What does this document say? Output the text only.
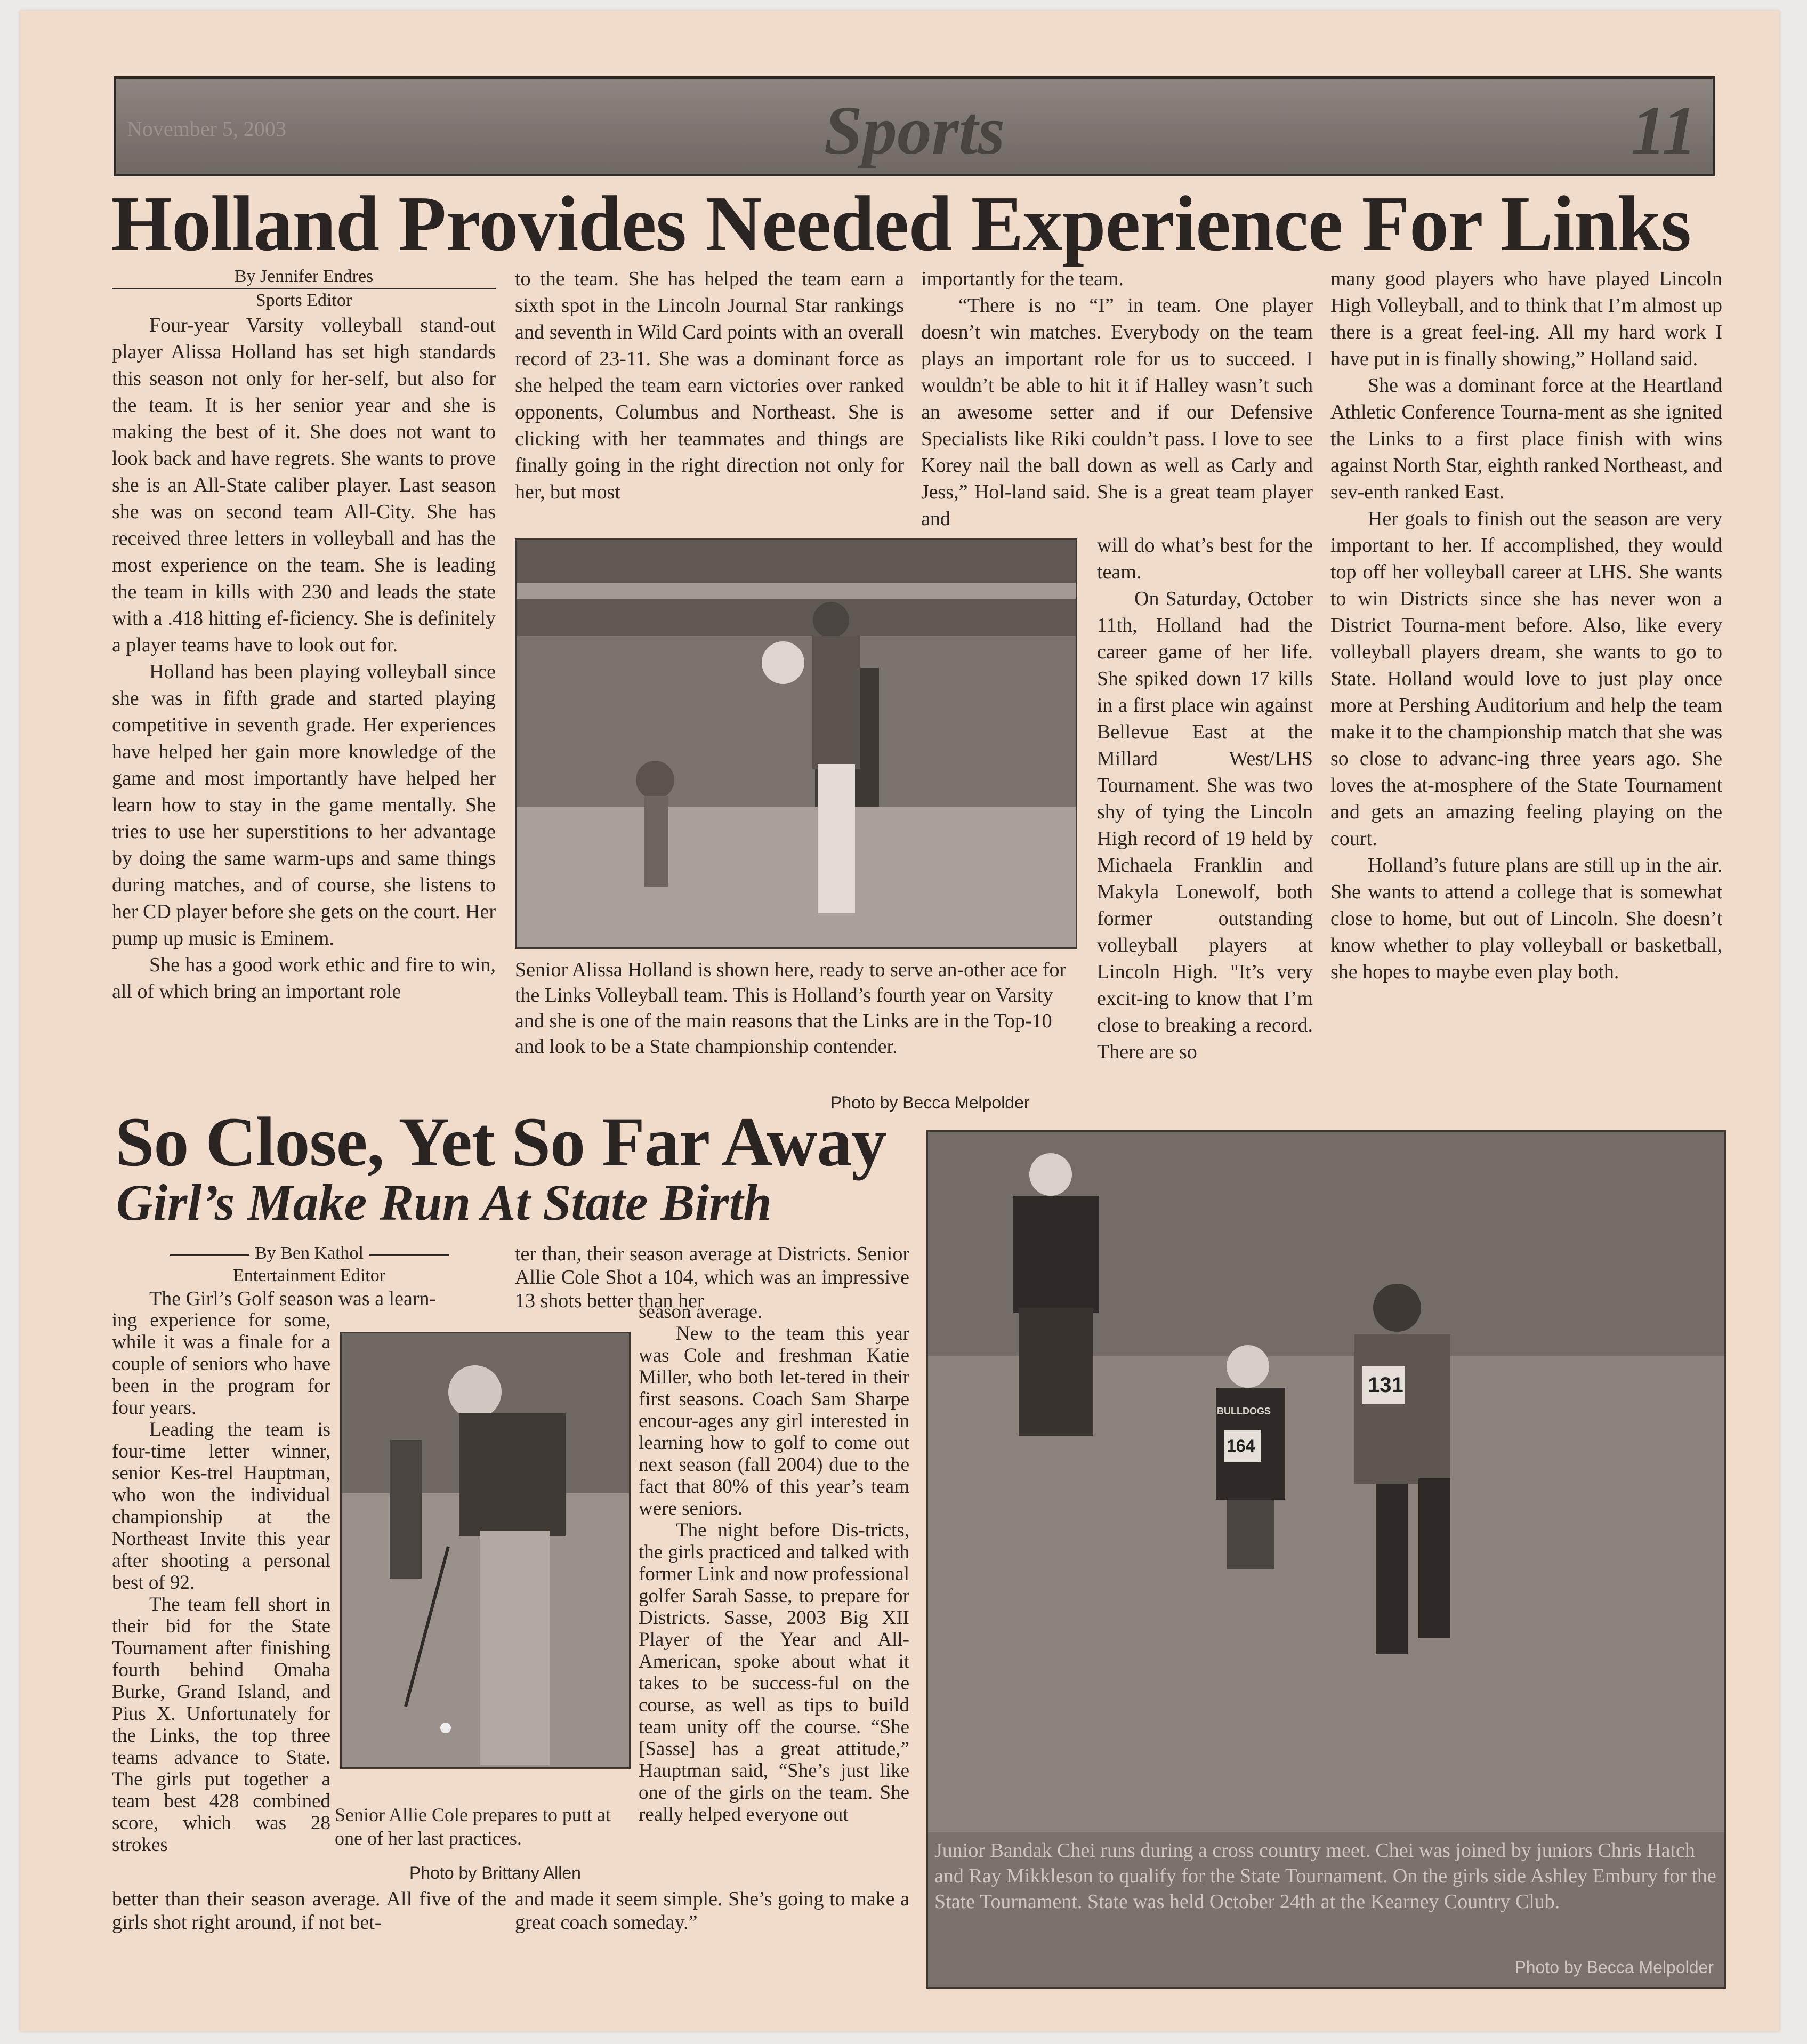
November 5, 2003	Sports	11
Holland Provides Needed Experience For Links
By Jennifer Endres
Sports Editor

Four-year Varsity volleyball stand-out player Alissa Holland has set high standards this season not only for her-self, but also for the team. It is her senior year and she is making the best of it. She does not want to look back and have regrets. She wants to prove she is an All-State caliber player. Last season she was on second team All-City. She has received three letters in volleyball and has the most experience on the team. She is leading the team in kills with 230 and leads the state with a .418 hitting ef-ficiency. She is definitely a player teams have to look out for.

Holland has been playing volleyball since she was in fifth grade and started playing competitive in seventh grade. Her experiences have helped her gain more knowledge of the game and most importantly have helped her learn how to stay in the game mentally. She tries to use her superstitions to her advantage by doing the same warm-ups and same things during matches, and of course, she listens to her CD player before she gets on the court. Her pump up music is Eminem.

She has a good work ethic and fire to win, all of which bring an important role

to the team. She has helped the team earn a sixth spot in the Lincoln Journal Star rankings and seventh in Wild Card points with an overall record of 23-11. She was a dominant force as she helped the team earn victories over ranked opponents, Columbus and Northeast. She is clicking with her teammates and things are finally going in the right direction not only for her, but most

Senior Alissa Holland is shown here, ready to serve an-other ace for the Links Volleyball team. This is Holland’s fourth year on Varsity and she is one of the main reasons that the Links are in the Top-10 and look to be a State championship contender.
Photo by Becca Melpolder

importantly for the team.

“There is no “I” in team. One player doesn’t win matches. Everybody on the team plays an important role for us to succeed. I wouldn’t be able to hit it if Halley wasn’t such an awesome setter and if our Defensive Specialists like Riki couldn’t pass. I love to see Korey nail the ball down as well as Carly and Jess,” Hol-land said. She is a great team player and

will do what’s best for the team.

On Saturday, October 11th, Holland had the career game of her life. She spiked down 17 kills in a first place win against Bellevue East at the Millard West/LHS Tournament. She was two shy of tying the Lincoln High record of 19 held by Michaela Franklin and Makyla Lonewolf, both former outstanding volleyball players at Lincoln High. "It’s very excit-ing to know that I’m close to breaking a record. There are so

many good players who have played Lincoln High Volleyball, and to think that I’m almost up there is a great feel-ing. All my hard work I have put in is finally showing,” Holland said.

She was a dominant force at the Heartland Athletic Conference Tourna-ment as she ignited the Links to a first place finish with wins against North Star, eighth ranked Northeast, and sev-enth ranked East.

Her goals to finish out the season are very important to her. If accomplished, they would top off her volleyball career at LHS. She wants to win Districts since she has never won a District Tourna-ment before. Also, like every volleyball players dream, she wants to go to State. Holland would love to just play once more at Pershing Auditorium and help the team make it to the championship match that she was so close to advanc-ing three years ago. She loves the at-mosphere of the State Tournament and gets an amazing feeling playing on the court.

Holland’s future plans are still up in the air. She wants to attend a college that is somewhat close to home, but out of Lincoln. She doesn’t know whether to play volleyball or basketball, she hopes to maybe even play both.

So Close, Yet So Far Away
Girl’s Make Run At State Birth
By Ben Kathol
Entertainment Editor

The Girl’s Golf season was a learn-

ing experience for some, while it was a finale for a couple of seniors who have been in the program for four years.

Leading the team is four-time letter winner, senior Kes-trel Hauptman, who won the individual championship at the Northeast Invite this year after shooting a personal best of 92.

The team fell short in their bid for the State Tournament after finishing fourth behind Omaha Burke, Grand Island, and Pius X. Unfortunately for the Links, the top three teams advance to State. The girls put together a team best 428 combined score, which was 28 strokes

better than their season average. All five of the girls shot right around, if not bet-

Senior Allie Cole prepares to putt at one of her last practices.
Photo by Brittany Allen

ter than, their season average at Districts. Senior Allie Cole Shot a 104, which was an impressive 13 shots better than her

season average.

New to the team this year was Cole and freshman Katie Miller, who both let-tered in their first seasons. Coach Sam Sharpe encour-ages any girl interested in learning how to golf to come out next season (fall 2004) due to the fact that 80% of this year’s team were seniors.

The night before Dis-tricts, the girls practiced and talked with former Link and now professional golfer Sarah Sasse, to prepare for Districts. Sasse, 2003 Big XII Player of the Year and All-American, spoke about what it takes to be success-ful on the course, as well as tips to build team unity off the course. “She [Sasse] has a great attitude,” Hauptman said, “She’s just like one of the girls on the team. She really helped everyone out

and made it seem simple. She’s going to make a great coach someday.”

131
164
BULLDOGS
Junior Bandak Chei runs during a cross country meet. Chei was joined by juniors Chris Hatch and Ray Mikkleson to qualify for the State Tournament. On the girls side Ashley Embury for the State Tournament. State was held October 24th at the Kearney Country Club.
Photo by Becca Melpolder
